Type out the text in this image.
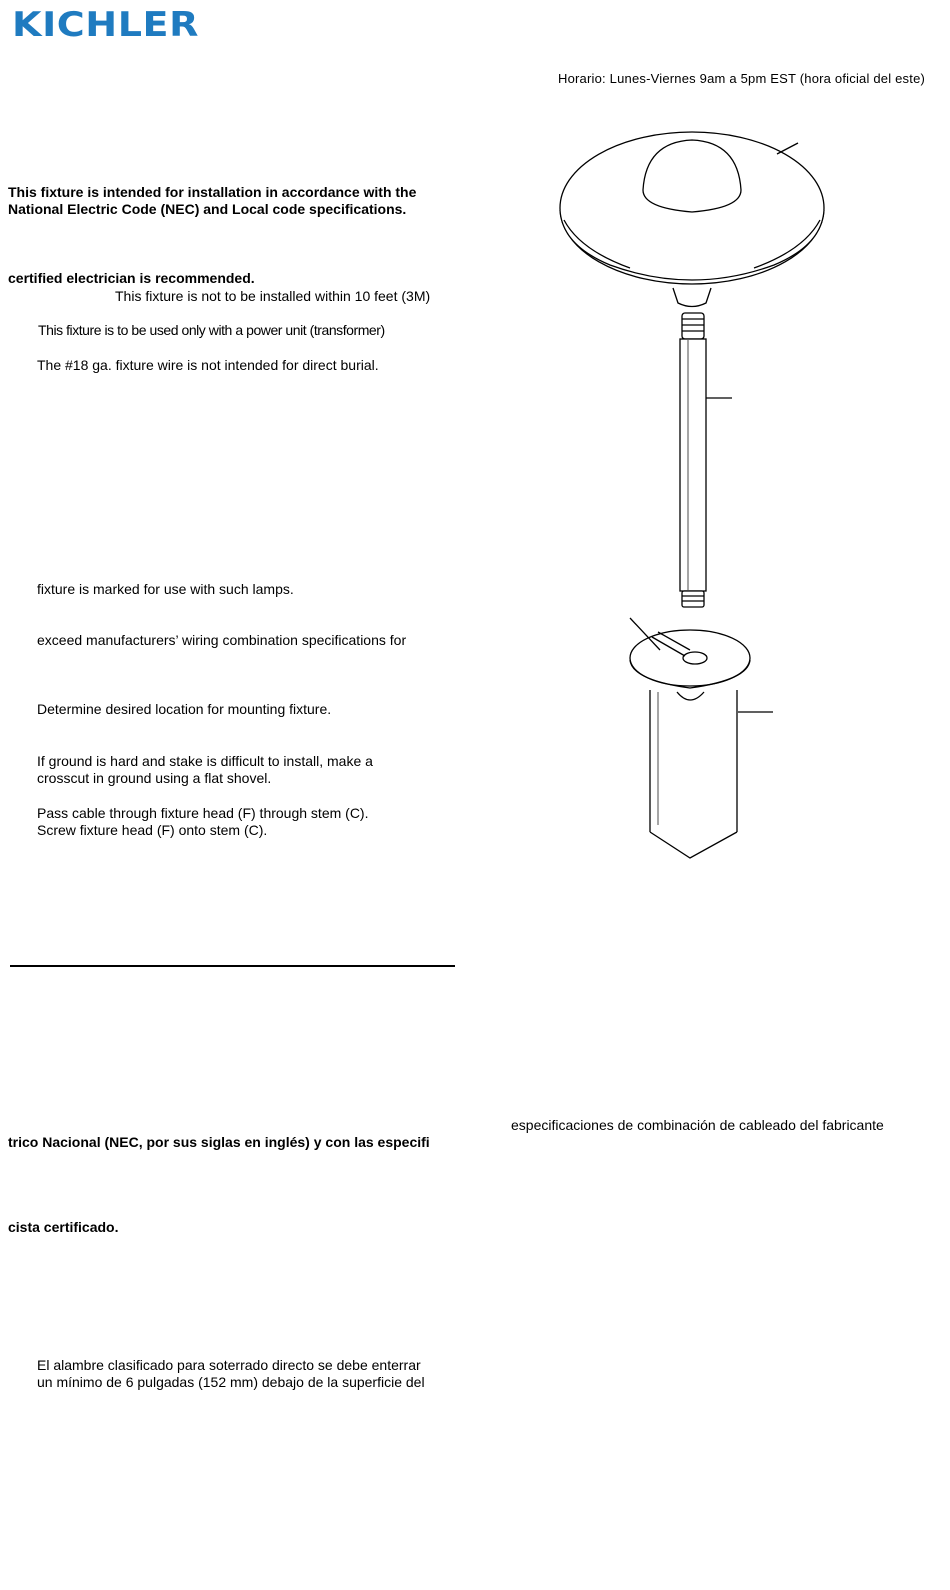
KICHLER
Horario: Lunes-Viernes 9am a 5pm EST (hora oficial del este)
This fixture is intended for installation in accordance with the
National Electric Code (NEC) and Local code specifications.
certified electrician is recommended.
This fixture is not to be installed within 10 feet (3M)
This fixture is to be used only with a power unit (transformer)
The #18 ga. fixture wire is not intended for direct burial.
fixture is marked for use with such lamps.
exceed manufacturers’ wiring combination specifications for
Determine desired location for mounting fixture.
If ground is hard and stake is difficult to install, make a
crosscut in ground using a flat shovel.
Pass cable through fixture head (F) through stem (C).
Screw fixture head (F) onto stem (C).
especificaciones de combinación de cableado del fabricante
trico Nacional (NEC, por sus siglas en inglés) y con las especifi
cista certificado.
El alambre clasificado para soterrado directo se debe enterrar
un mínimo de 6 pulgadas (152 mm) debajo de la superficie del
